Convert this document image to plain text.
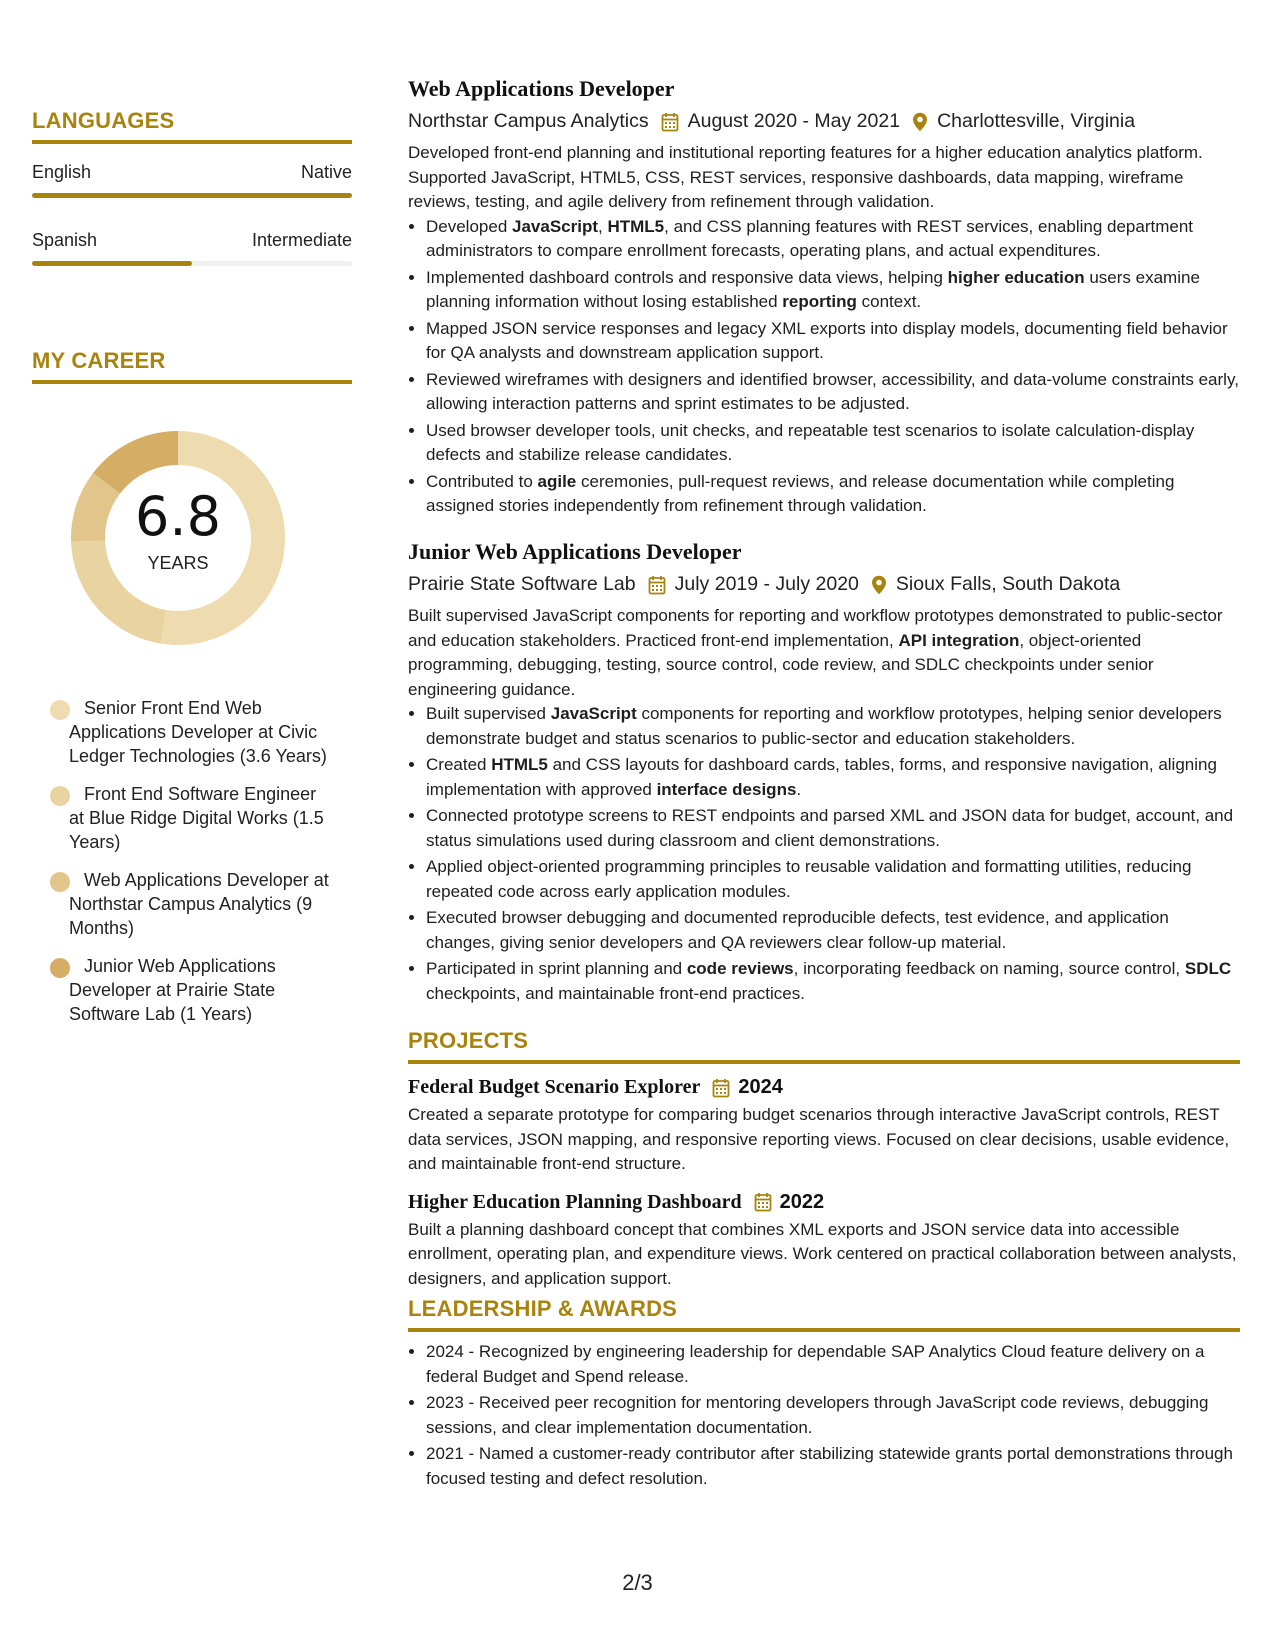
LANGUAGES
English	Native
Spanish	Intermediate
MY CAREER
6.8
YEARS
Senior Front End Web Applications Developer at Civic Ledger Technologies (3.6 Years)
Front End Software Engineer at Blue Ridge Digital Works (1.5 Years)
Web Applications Developer at Northstar Campus Analytics (9 Months)
Junior Web Applications Developer at Prairie State Software Lab (1 Years)
Web Applications Developer
Northstar Campus Analytics August 2020 - May 2021 Charlottesville, Virginia
Developed front-end planning and institutional reporting features for a higher education analytics platform. Supported JavaScript, HTML5, CSS, REST services, responsive dashboards, data mapping, wireframe reviews, testing, and agile delivery from refinement through validation.
• Developed JavaScript, HTML5, and CSS planning features with REST services, enabling department administrators to compare enrollment forecasts, operating plans, and actual expenditures.
• Implemented dashboard controls and responsive data views, helping higher education users examine planning information without losing established reporting context.
• Mapped JSON service responses and legacy XML exports into display models, documenting field behavior for QA analysts and downstream application support.
• Reviewed wireframes with designers and identified browser, accessibility, and data-volume constraints early, allowing interaction patterns and sprint estimates to be adjusted.
• Used browser developer tools, unit checks, and repeatable test scenarios to isolate calculation-display defects and stabilize release candidates.
• Contributed to agile ceremonies, pull-request reviews, and release documentation while completing assigned stories independently from refinement through validation.
Junior Web Applications Developer
Prairie State Software Lab July 2019 - July 2020 Sioux Falls, South Dakota
Built supervised JavaScript components for reporting and workflow prototypes demonstrated to public-sector and education stakeholders. Practiced front-end implementation, API integration, object-oriented programming, debugging, testing, source control, code review, and SDLC checkpoints under senior engineering guidance.
• Built supervised JavaScript components for reporting and workflow prototypes, helping senior developers demonstrate budget and status scenarios to public-sector and education stakeholders.
• Created HTML5 and CSS layouts for dashboard cards, tables, forms, and responsive navigation, aligning implementation with approved interface designs.
• Connected prototype screens to REST endpoints and parsed XML and JSON data for budget, account, and status simulations used during classroom and client demonstrations.
• Applied object-oriented programming principles to reusable validation and formatting utilities, reducing repeated code across early application modules.
• Executed browser debugging and documented reproducible defects, test evidence, and application changes, giving senior developers and QA reviewers clear follow-up material.
• Participated in sprint planning and code reviews, incorporating feedback on naming, source control, SDLC checkpoints, and maintainable front-end practices.
PROJECTS
Federal Budget Scenario Explorer 2024
Created a separate prototype for comparing budget scenarios through interactive JavaScript controls, REST data services, JSON mapping, and responsive reporting views. Focused on clear decisions, usable evidence, and maintainable front-end structure.
Higher Education Planning Dashboard 2022
Built a planning dashboard concept that combines XML exports and JSON service data into accessible enrollment, operating plan, and expenditure views. Work centered on practical collaboration between analysts, designers, and application support.
LEADERSHIP & AWARDS
• 2024 - Recognized by engineering leadership for dependable SAP Analytics Cloud feature delivery on a federal Budget and Spend release.
• 2023 - Received peer recognition for mentoring developers through JavaScript code reviews, debugging sessions, and clear implementation documentation.
• 2021 - Named a customer-ready contributor after stabilizing statewide grants portal demonstrations through focused testing and defect resolution.
2/3
